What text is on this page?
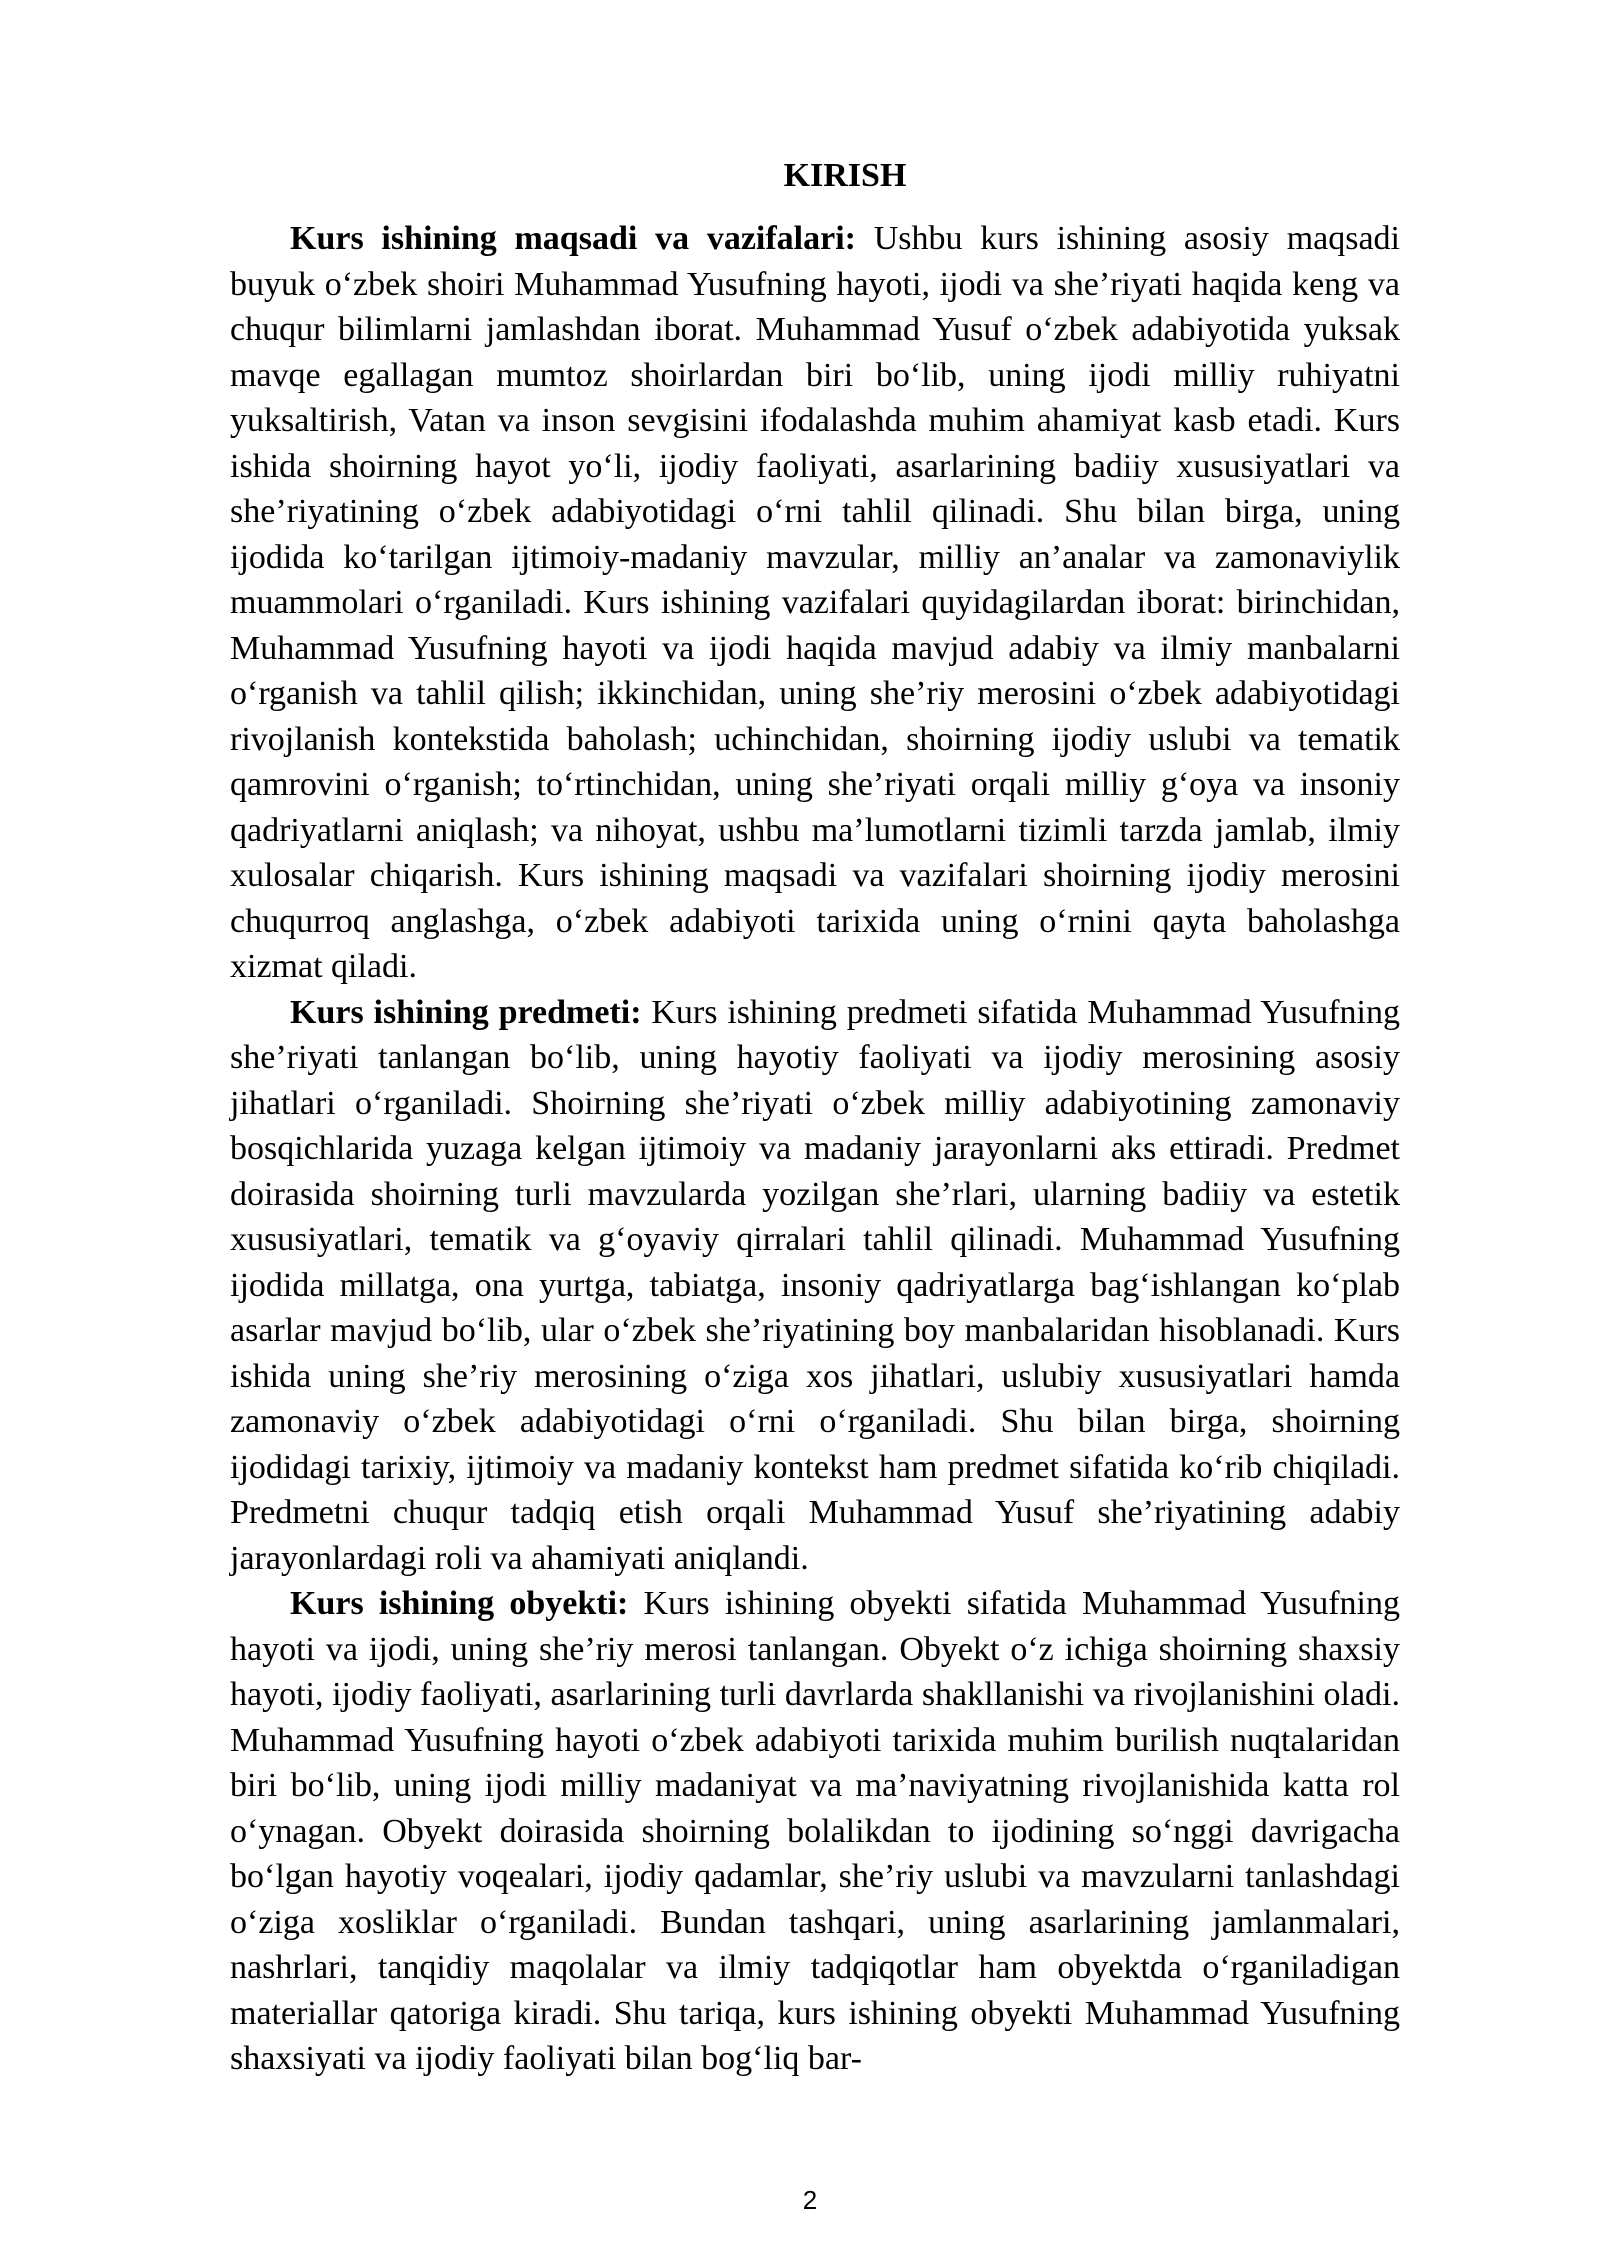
KIRISH

Kurs ishining maqsadi va vazifalari: Ushbu kurs ishining asosiy maqsadi buyuk o‘zbek shoiri Muhammad Yusufning hayoti, ijodi va she’riyati haqida keng va chuqur bilimlarni jamlashdan iborat. Muhammad Yusuf o‘zbek adabiyotida yuksak mavqe egallagan mumtoz shoirlardan biri bo‘lib, uning ijodi milliy ruhiyatni yuksaltirish, Vatan va inson sevgisini ifodalashda muhim ahamiyat kasb etadi. Kurs ishida shoirning hayot yo‘li, ijodiy faoliyati, asarlarining badiiy xususiyatlari va she’riyatining o‘zbek adabiyotidagi o‘rni tahlil qilinadi. Shu bilan birga, uning ijodida ko‘tarilgan ijtimoiy-madaniy mavzular, milliy an’analar va zamonaviylik muammolari o‘rganiladi. Kurs ishining vazifalari quyidagilardan iborat: birinchidan, Muhammad Yusufning hayoti va ijodi haqida mavjud adabiy va ilmiy manbalarni o‘rganish va tahlil qilish; ikkinchidan, uning she’riy merosini o‘zbek adabiyotidagi rivojlanish kontekstida baholash; uchinchidan, shoirning ijodiy uslubi va tematik qamrovini o‘rganish; to‘rtinchidan, uning she’riyati orqali milliy g‘oya va insoniy qadriyatlarni aniqlash; va nihoyat, ushbu ma’lumotlarni tizimli tarzda jamlab, ilmiy xulosalar chiqarish. Kurs ishining maqsadi va vazifalari shoirning ijodiy merosini chuqurroq anglashga, o‘zbek adabiyoti tarixida uning o‘rnini qayta baholashga xizmat qiladi.

Kurs ishining predmeti: Kurs ishining predmeti sifatida Muhammad Yusufning she’riyati tanlangan bo‘lib, uning hayotiy faoliyati va ijodiy merosining asosiy jihatlari o‘rganiladi. Shoirning she’riyati o‘zbek milliy adabiyotining zamonaviy bosqichlarida yuzaga kelgan ijtimoiy va madaniy jarayonlarni aks ettiradi. Predmet doirasida shoirning turli mavzularda yozilgan she’rlari, ularning badiiy va estetik xususiyatlari, tematik va g‘oyaviy qirralari tahlil qilinadi. Muhammad Yusufning ijodida millatga, ona yurtga, tabiatga, insoniy qadriyatlarga bag‘ishlangan ko‘plab asarlar mavjud bo‘lib, ular o‘zbek she’riyatining boy manbalaridan hisoblanadi. Kurs ishida uning she’riy merosining o‘ziga xos jihatlari, uslubiy xususiyatlari hamda zamonaviy o‘zbek adabiyotidagi o‘rni o‘rganiladi. Shu bilan birga, shoirning ijodidagi tarixiy, ijtimoiy va madaniy kontekst ham predmet sifatida ko‘rib chiqiladi. Predmetni chuqur tadqiq etish orqali Muhammad Yusuf she’riyatining adabiy jarayonlardagi roli va ahamiyati aniqlandi.

Kurs ishining obyekti: Kurs ishining obyekti sifatida Muhammad Yusufning hayoti va ijodi, uning she’riy merosi tanlangan. Obyekt o‘z ichiga shoirning shaxsiy hayoti, ijodiy faoliyati, asarlarining turli davrlarda shakllanishi va rivojlanishini oladi. Muhammad Yusufning hayoti o‘zbek adabiyoti tarixida muhim burilish nuqtalaridan biri bo‘lib, uning ijodi milliy madaniyat va ma’naviyatning rivojlanishida katta rol o‘ynagan. Obyekt doirasida shoirning bolalikdan to ijodining so‘nggi davrigacha bo‘lgan hayotiy voqealari, ijodiy qadamlar, she’riy uslubi va mavzularni tanlashdagi o‘ziga xosliklar o‘rganiladi. Bundan tashqari, uning asarlarining jamlanmalari, nashrlari, tanqidiy maqolalar va ilmiy tadqiqotlar ham obyektda o‘rganiladigan materiallar qatoriga kiradi. Shu tariqa, kurs ishining obyekti Muhammad Yusufning shaxsiyati va ijodiy faoliyati bilan bog‘liq bar-

2
